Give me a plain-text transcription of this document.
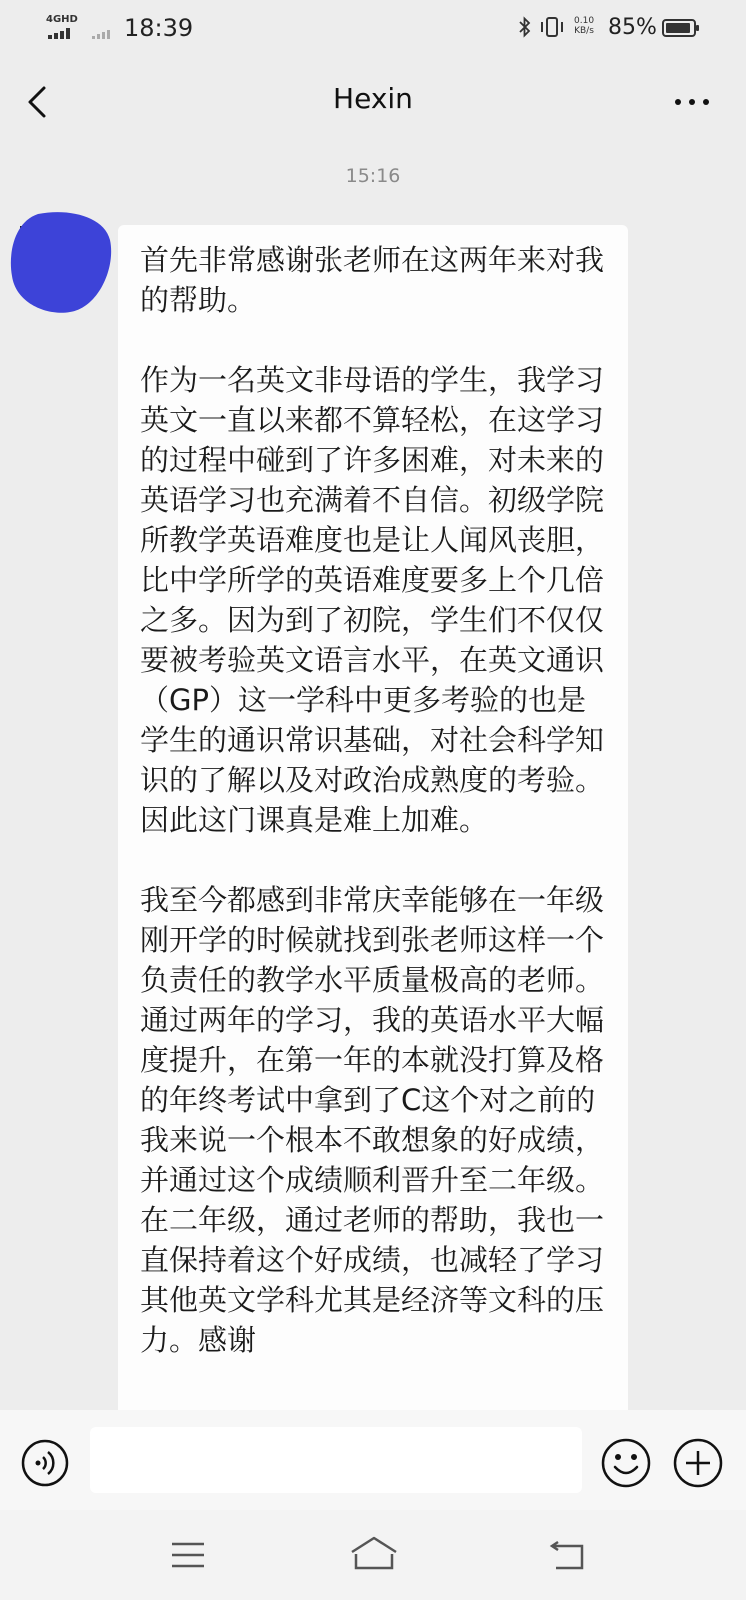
4GHD 18:39	0.10
KB/s 85%
Hexin
15:16
首先非常感谢张老师在这两年来对我的帮助。

作为一名英文非母语的学生，我学习英文一直以来都不算轻松，在这学习的过程中碰到了许多困难，对未来的英语学习也充满着不自信。初级学院所教学英语难度也是让人闻风丧胆，比中学所学的英语难度要多上个几倍之多。因为到了初院，学生们不仅仅要被考验英文语言水平，在英文通识（GP）这一学科中更多考验的也是学生的通识常识基础，对社会科学知识的了解以及对政治成熟度的考验。因此这门课真是难上加难。

我至今都感到非常庆幸能够在一年级刚开学的时候就找到张老师这样一个负责任的教学水平质量极高的老师。通过两年的学习，我的英语水平大幅度提升，在第一年的本就没打算及格的年终考试中拿到了C这个对之前的我来说一个根本不敢想象的好成绩，并通过这个成绩顺利晋升至二年级。在二年级，通过老师的帮助，我也一直保持着这个好成绩，也减轻了学习其他英文学科尤其是经济等文科的压力。感谢
